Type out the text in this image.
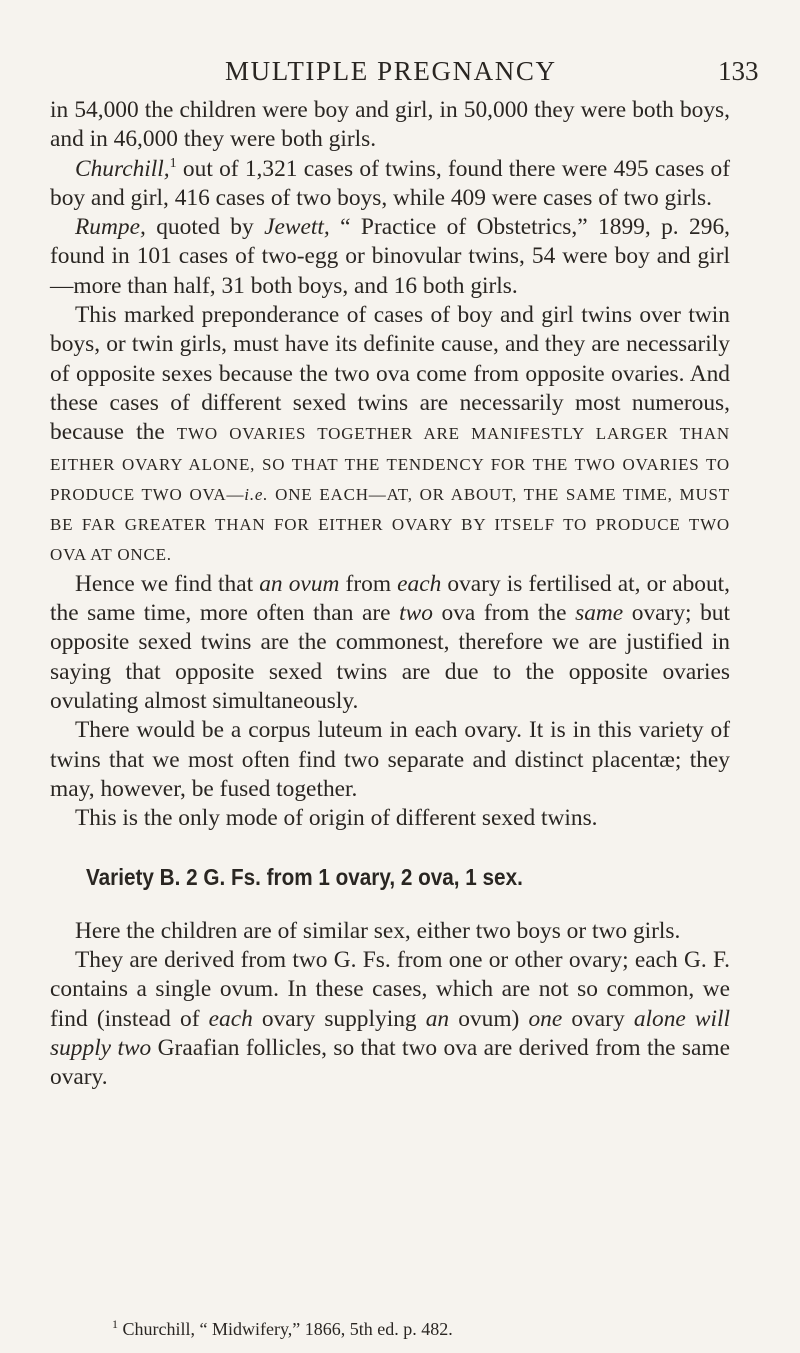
MULTIPLE PREGNANCY	133

in 54,000 the children were boy and girl, in 50,000 they were both boys, and in 46,000 they were both girls.

Churchill,$^1$ out of 1,321 cases of twins, found there were 495 cases of boy and girl, 416 cases of two boys, while 409 were cases of two girls.

Rumpe, quoted by Jewett, “ Practice of Obstetrics,” 1899, p. 296, found in 101 cases of two-egg or binovular twins, 54 were boy and girl—more than half, 31 both boys, and 16 both girls.

This marked preponderance of cases of boy and girl twins over twin boys, or twin girls, must have its definite cause, and they are necessarily of opposite sexes because the two ova come from opposite ovaries. And these cases of different sexed twins are necessarily most numerous, because the TWO OVARIES TOGETHER ARE MANIFESTLY LARGER THAN EITHER OVARY ALONE, SO THAT THE TENDENCY FOR THE TWO OVARIES TO PRODUCE TWO OVA—i.e. ONE EACH—AT, OR ABOUT, THE SAME TIME, MUST BE FAR GREATER THAN FOR EITHER OVARY BY ITSELF TO PRODUCE TWO OVA AT ONCE.

Hence we find that an ovum from each ovary is fertilised at, or about, the same time, more often than are two ova from the same ovary; but opposite sexed twins are the commonest, therefore we are justified in saying that opposite sexed twins are due to the opposite ovaries ovulating almost simultaneously.

There would be a corpus luteum in each ovary. It is in this variety of twins that we most often find two separate and distinct placentæ; they may, however, be fused together.

This is the only mode of origin of different sexed twins.

Variety B. 2 G. Fs. from 1 ovary, 2 ova, 1 sex.

Here the children are of similar sex, either two boys or two girls.

They are derived from two G. Fs. from one or other ovary; each G. F. contains a single ovum. In these cases, which are not so common, we find (instead of each ovary supplying an ovum) one ovary alone will supply two Graafian follicles, so that two ova are derived from the same ovary.

$^1$ Churchill, “ Midwifery,” 1866, 5th ed. p. 482.
